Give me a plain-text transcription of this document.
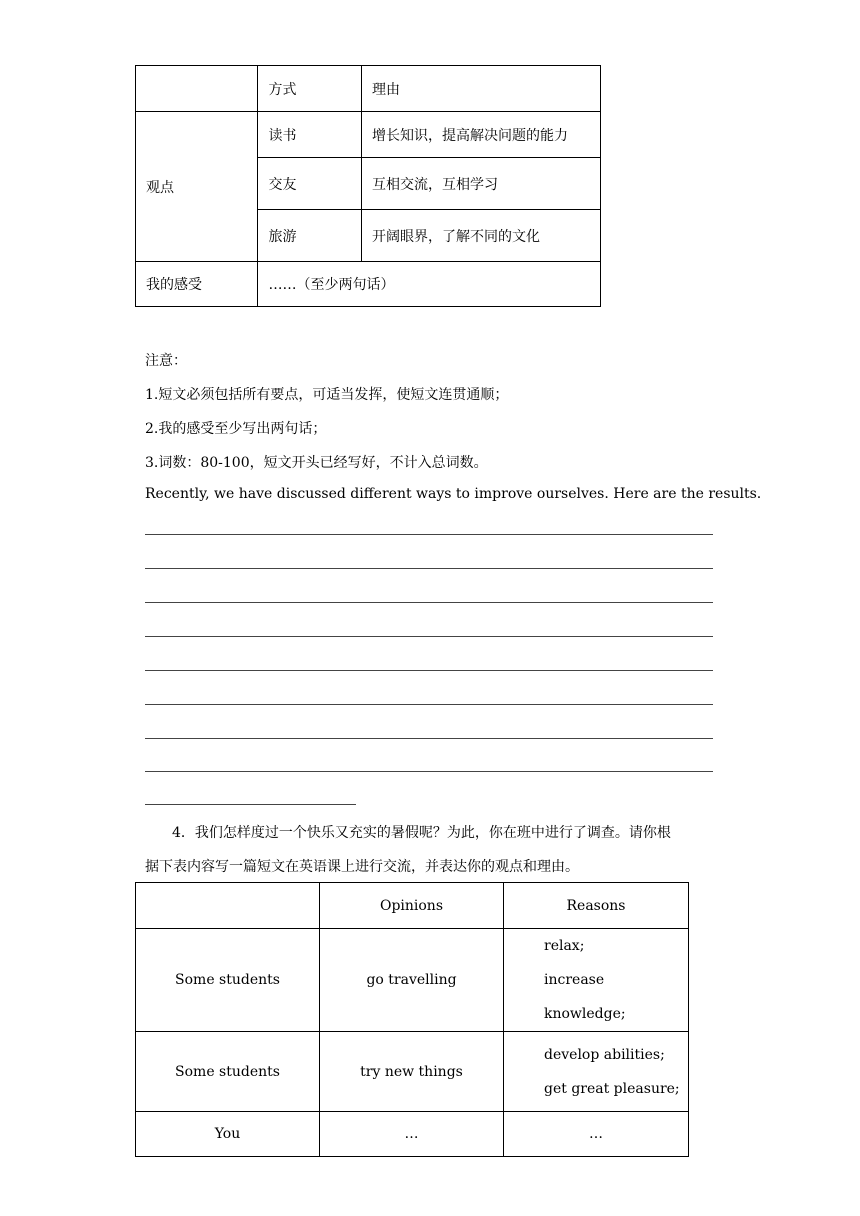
	方式	理由
观点	读书	增长知识，提高解决问题的能力
	交友	互相交流，互相学习
	旅游	开阔眼界，了解不同的文化
我的感受	……（至少两句话）	
注意：
1.短文必须包括所有要点，可适当发挥，使短文连贯通顺；
2.我的感受至少写出两句话；
3.词数：80-100，短文开头已经写好，不计入总词数。
Recently, we have discussed different ways to improve ourselves. Here are the results.
4．我们怎样度过一个快乐又充实的暑假呢？为此，你在班中进行了调查。请你根
据下表内容写一篇短文在英语课上进行交流，并表达你的观点和理由。
	Opinions	Reasons
Some students	go travelling	relax;
increase knowledge;

Some students	try new things	develop abilities;
get great pleasure;

You	…	…
